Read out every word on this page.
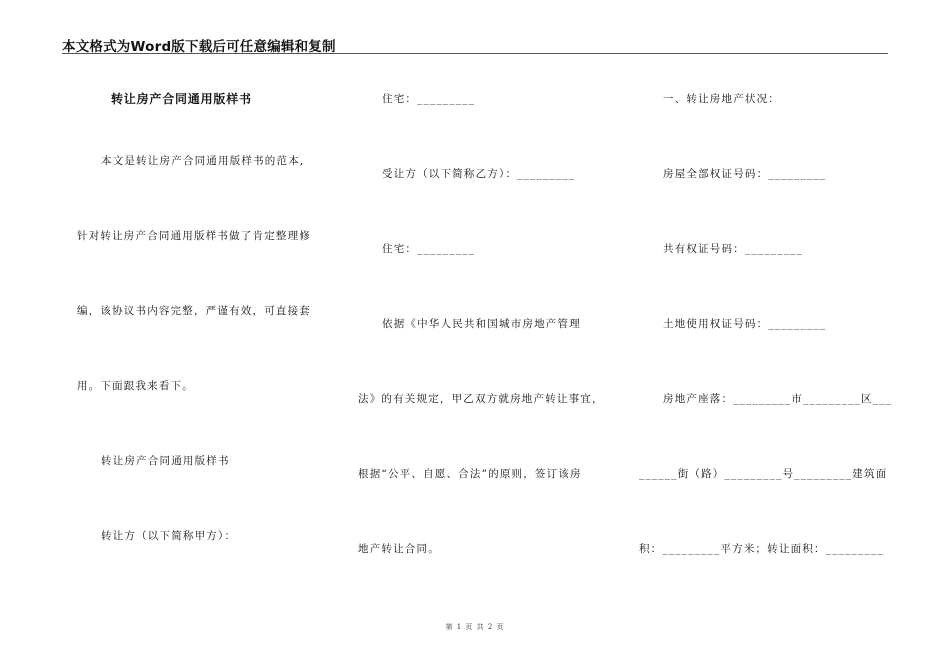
本文格式为Word版下载后可任意编辑和复制
转让房产合同通用版样书
本文是转让房产合同通用版样书的范本,
针对转让房产合同通用版样书做了肯定整理修
编，该协议书内容完整，严谨有效，可直接套
用。下面跟我来看下。
转让房产合同通用版样书
转让方（以下简称甲方）：
住宅：_________
受让方（以下简称乙方）：_________
住宅：_________
依据《中华人民共和国城市房地产管理
法》的有关规定，甲乙双方就房地产转让事宜，
根据“公平、自愿、合法”的原则，签订该房
地产转让合同。
一、转让房地产状况：
房屋全部权证号码：_________
共有权证号码：_________
土地使用权证号码：_________
房地产座落：_________市_________区___
______街（路）_________号_________建筑面
积：_________平方米；转让面积：_________
第 1 页 共 2 页
